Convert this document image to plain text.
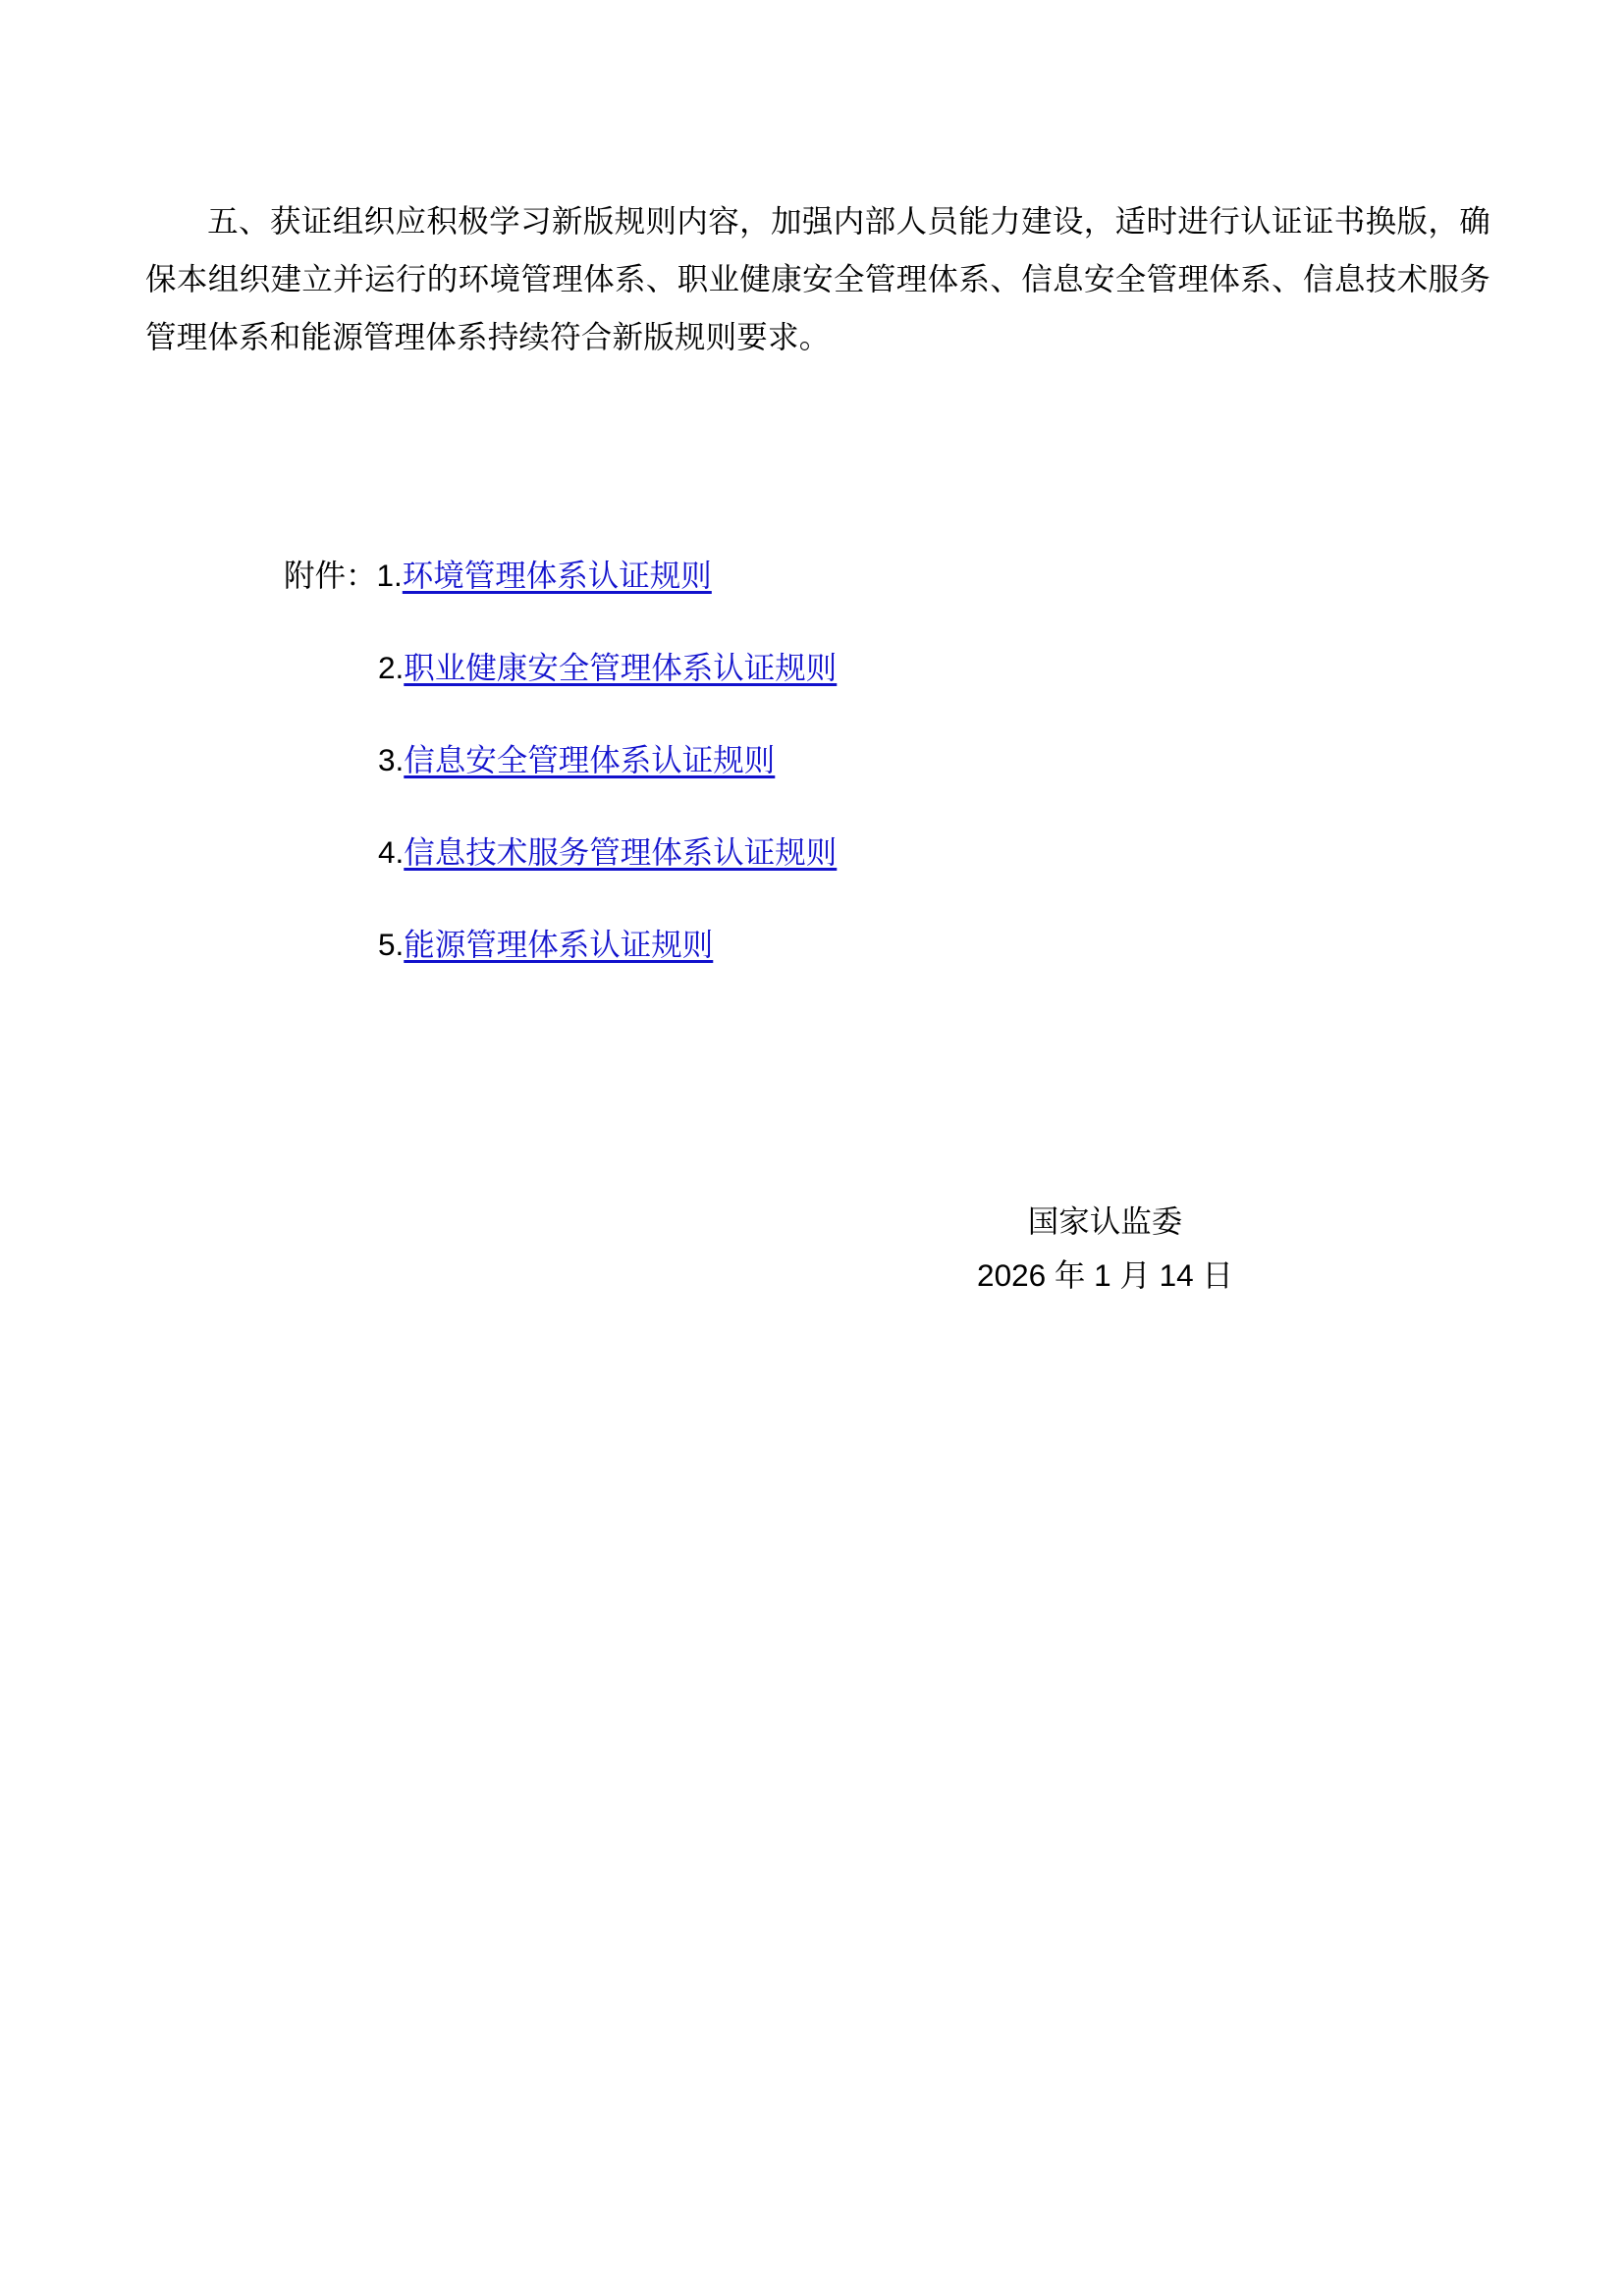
五、获证组织应积极学习新版规则内容，加强内部人员能力建设，适时进行认证证书换版，确保本组织建立并运行的环境管理体系、职业健康安全管理体系、信息安全管理体系、信息技术服务管理体系和能源管理体系持续符合新版规则要求。

附件： 1. 环境管理体系认证规则
2. 职业健康安全管理体系认证规则
3. 信息安全管理体系认证规则
4. 信息技术服务管理体系认证规则
5. 能源管理体系认证规则
国家认监委
2026 年 1 月 14 日
